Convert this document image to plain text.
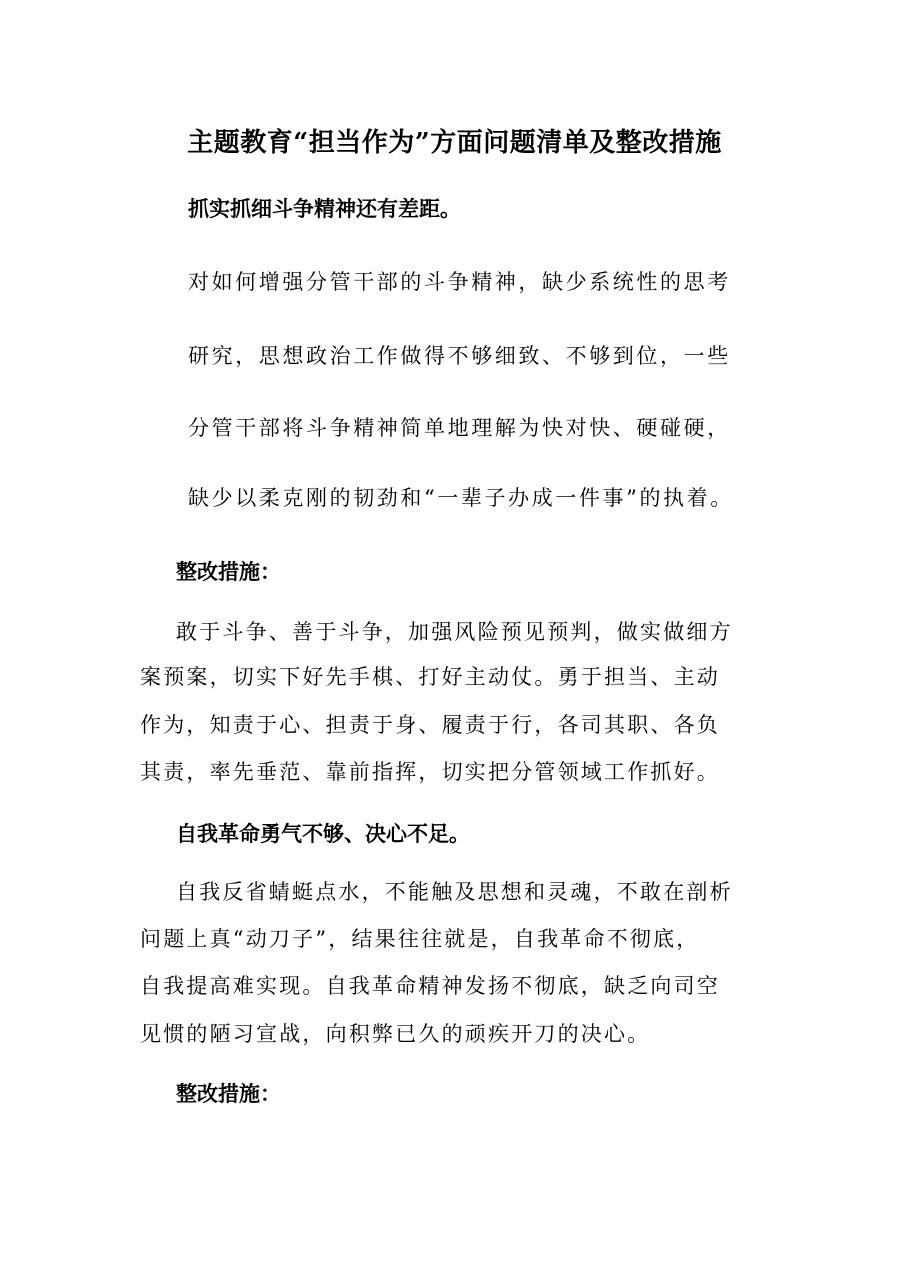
主题教育“担当作为”方面问题清单及整改措施
抓实抓细斗争精神还有差距。
对如何增强分管干部的斗争精神，缺少系统性的思考
研究，思想政治工作做得不够细致、不够到位，一些
分管干部将斗争精神简单地理解为快对快、硬碰硬，
缺少以柔克刚的韧劲和“一辈子办成一件事”的执着。
整改措施：
敢于斗争、善于斗争，加强风险预见预判，做实做细方
案预案，切实下好先手棋、打好主动仗。勇于担当、主动
作为，知责于心、担责于身、履责于行，各司其职、各负
其责，率先垂范、靠前指挥，切实把分管领域工作抓好。
自我革命勇气不够、决心不足。
自我反省蜻蜓点水，不能触及思想和灵魂，不敢在剖析
问题上真“动刀子”，结果往往就是，自我革命不彻底，
自我提高难实现。自我革命精神发扬不彻底，缺乏向司空
见惯的陋习宣战，向积弊已久的顽疾开刀的决心。
整改措施：
